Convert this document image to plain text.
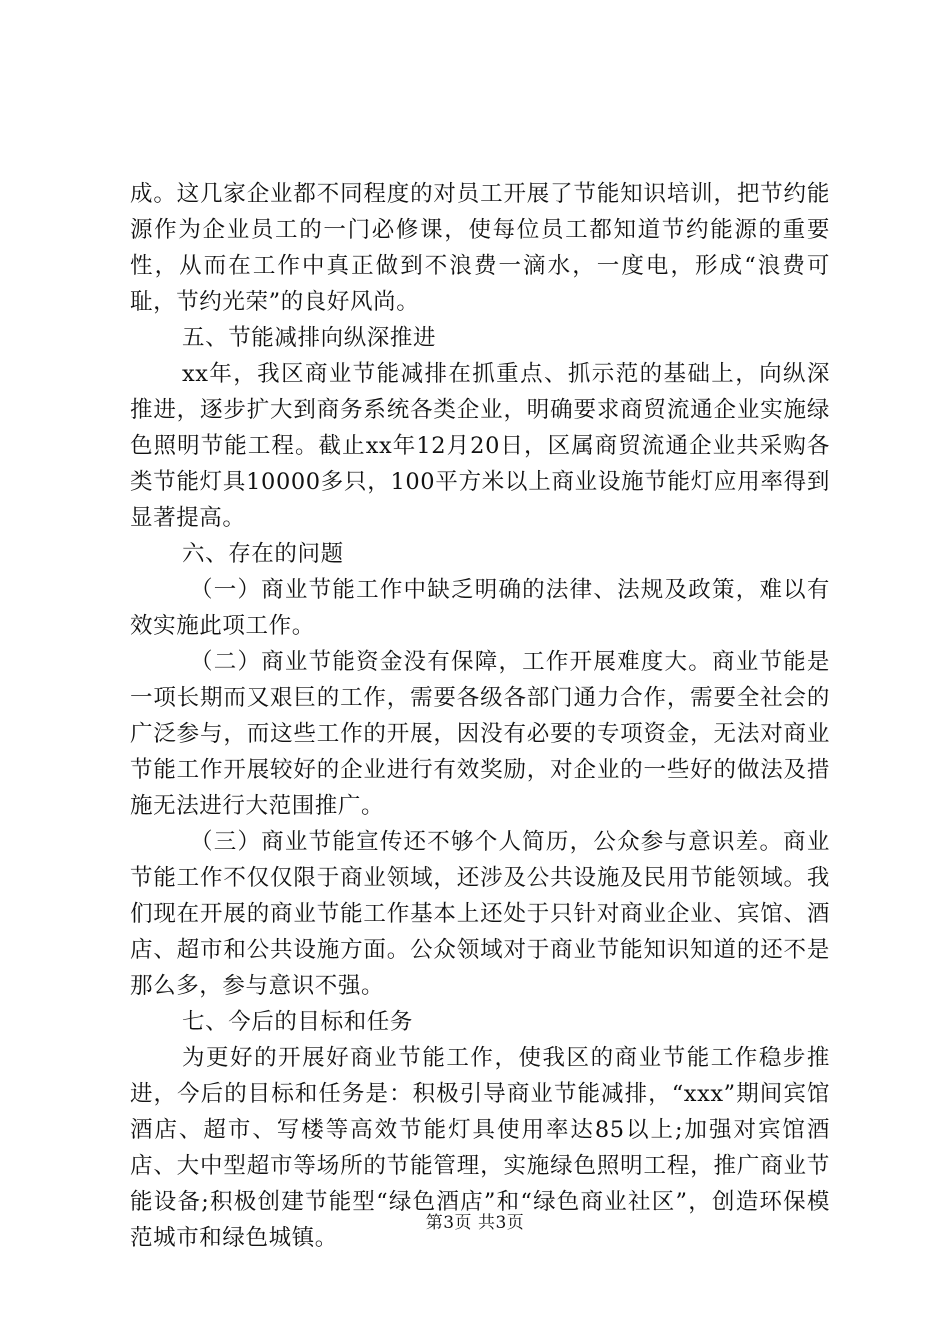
成。这几家企业都不同程度的对员工开展了节能知识培训，把节约能源作为企业员工的一门必修课，使每位员工都知道节约能源的重要性，从而在工作中真正做到不浪费一滴水，一度电，形成“浪费可耻，节约光荣”的良好风尚。

五、节能减排向纵深推进

xx年，我区商业节能减排在抓重点、抓示范的基础上，向纵深推进，逐步扩大到商务系统各类企业，明确要求商贸流通企业实施绿色照明节能工程。截止xx年12月20日，区属商贸流通企业共采购各类节能灯具10000多只，100平方米以上商业设施节能灯应用率得到显著提高。

六、存在的问题

（一）商业节能工作中缺乏明确的法律、法规及政策，难以有效实施此项工作。

（二）商业节能资金没有保障，工作开展难度大。商业节能是一项长期而又艰巨的工作，需要各级各部门通力合作，需要全社会的广泛参与，而这些工作的开展，因没有必要的专项资金，无法对商业节能工作开展较好的企业进行有效奖励，对企业的一些好的做法及措施无法进行大范围推广。

（三）商业节能宣传还不够个人简历，公众参与意识差。商业节能工作不仅仅限于商业领域，还涉及公共设施及民用节能领域。我们现在开展的商业节能工作基本上还处于只针对商业企业、宾馆、酒店、超市和公共设施方面。公众领域对于商业节能知识知道的还不是那么多，参与意识不强。

七、今后的目标和任务

为更好的开展好商业节能工作，使我区的商业节能工作稳步推进，今后的目标和任务是：积极引导商业节能减排，“xxx”期间宾馆酒店、超市、写楼等高效节能灯具使用率达85以上;加强对宾馆酒店、大中型超市等场所的节能管理，实施绿色照明工程，推广商业节能设备;积极创建节能型“绿色酒店”和“绿色商业社区”，创造环保模范城市和绿色城镇。

第3页 共3页
